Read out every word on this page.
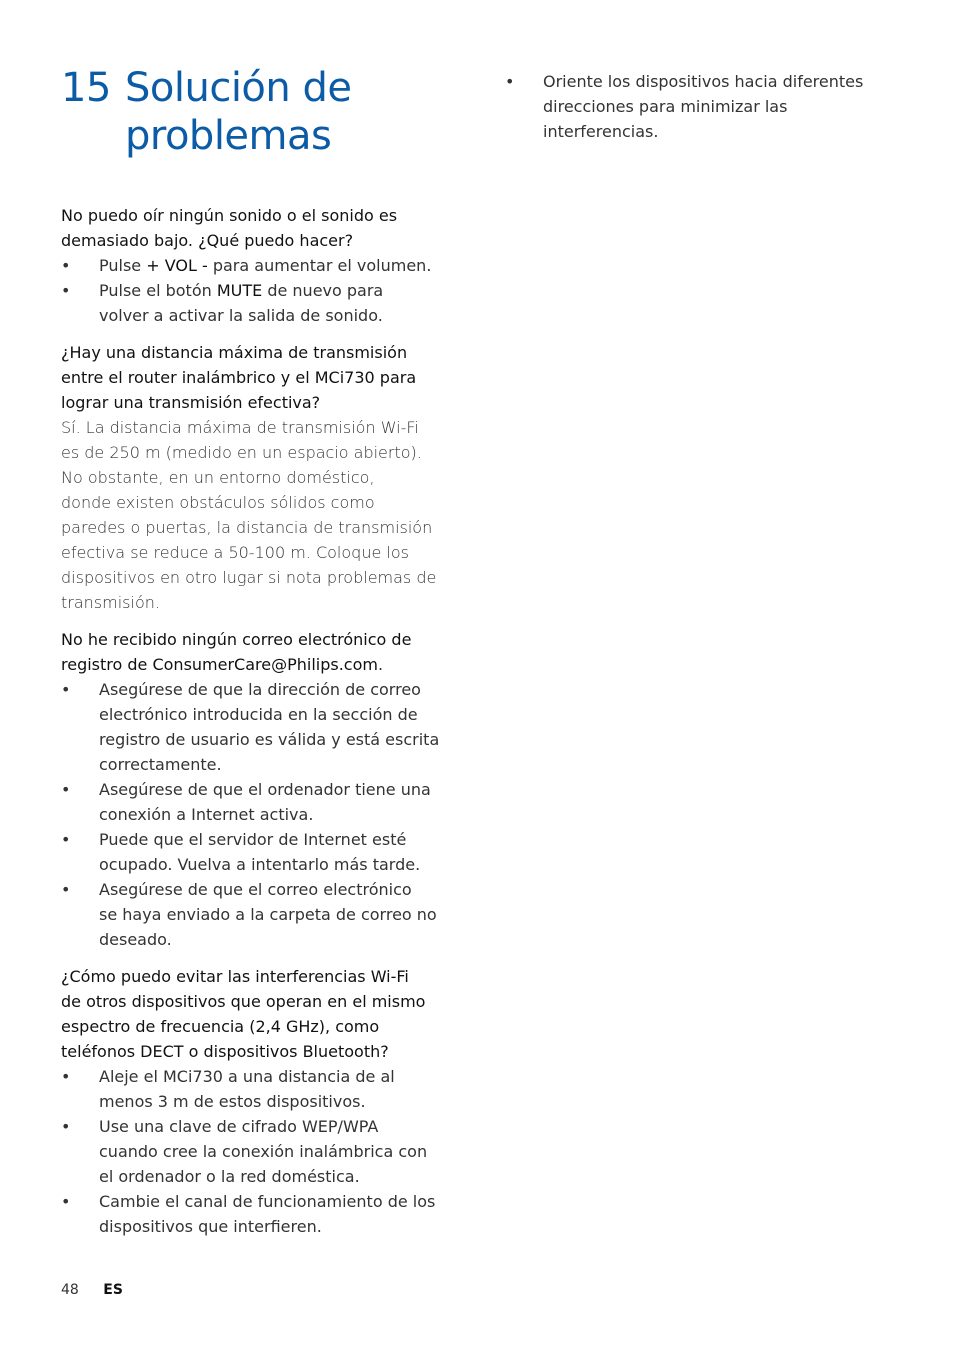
15 Solución de
problemas

No puedo oír ningún sonido o el sonido es
demasiado bajo. ¿Qué puedo hacer?

• Pulse + VOL - para aumentar el volumen.
• Pulse el botón MUTE de nuevo para
volver a activar la salida de sonido.

¿Hay una distancia máxima de transmisión
entre el router inalámbrico y el MCi730 para
lograr una transmisión efectiva?

Sí. La distancia máxima de transmisión Wi-Fi
es de 250 m (medido en un espacio abierto).
No obstante, en un entorno doméstico,
donde existen obstáculos sólidos como
paredes o puertas, la distancia de transmisión
efectiva se reduce a 50-100 m. Coloque los
dispositivos en otro lugar si nota problemas de
transmisión.

No he recibido ningún correo electrónico de
registro de ConsumerCare@Philips.com.

• Asegúrese de que la dirección de correo
electrónico introducida en la sección de
registro de usuario es válida y está escrita
correctamente.
• Asegúrese de que el ordenador tiene una
conexión a Internet activa.
• Puede que el servidor de Internet esté
ocupado. Vuelva a intentarlo más tarde.
• Asegúrese de que el correo electrónico
se haya enviado a la carpeta de correo no
deseado.

¿Cómo puedo evitar las interferencias Wi-Fi
de otros dispositivos que operan en el mismo
espectro de frecuencia (2,4 GHz), como
teléfonos DECT o dispositivos Bluetooth?

• Aleje el MCi730 a una distancia de al
menos 3 m de estos dispositivos.
• Use una clave de cifrado WEP/WPA
cuando cree la conexión inalámbrica con
el ordenador o la red doméstica.
• Cambie el canal de funcionamiento de los
dispositivos que interfieren.
• Oriente los dispositivos hacia diferentes
direcciones para minimizar las
interferencias.
48 ES
